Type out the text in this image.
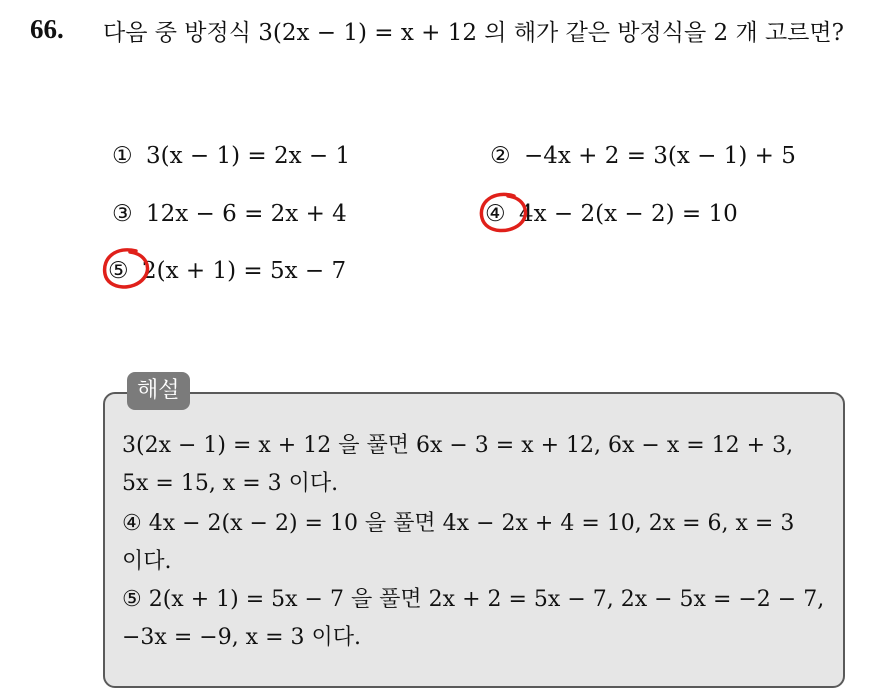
66. 다음 중 방정식 3(2x − 1) = x + 12 의 해가 같은 방정식을 2 개 고르면?
① 3(x − 1) = 2x − 1	② −4x + 2 = 3(x − 1) + 5
③ 12x − 6 = 2x + 4	④ 4x − 2(x − 2) = 10
⑤ 2(x + 1) = 5x − 7
해설
3(2x − 1) = x + 12 을 풀면 6x − 3 = x + 12, 6x − x = 12 + 3,
5x = 15, x = 3 이다.
④ 4x − 2(x − 2) = 10 을 풀면 4x − 2x + 4 = 10, 2x = 6, x = 3
이다.
⑤ 2(x + 1) = 5x − 7 을 풀면 2x + 2 = 5x − 7, 2x − 5x = −2 − 7,
−3x = −9, x = 3 이다.
